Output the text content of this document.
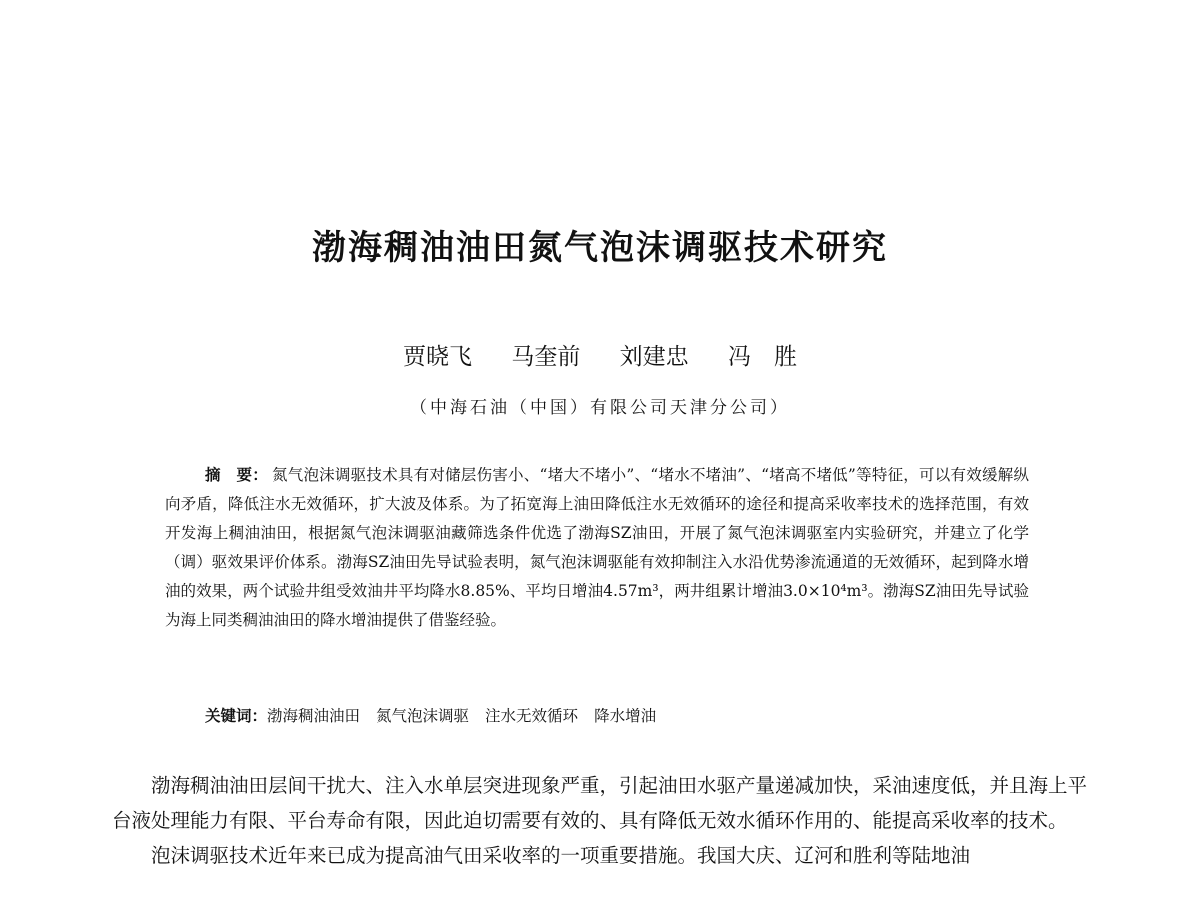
渤海稠油油田氮气泡沫调驱技术研究
贾晓飞 马奎前 刘建忠 冯　胜
（中海石油（中国）有限公司天津分公司）
摘　要： 氮气泡沫调驱技术具有对储层伤害小、“堵大不堵小”、“堵水不堵油”、“堵高不堵低”等特征，可以有效缓解纵向矛盾，降低注水无效循环，扩大波及体系。为了拓宽海上油田降低注水无效循环的途径和提高采收率技术的选择范围，有效开发海上稠油油田，根据氮气泡沫调驱油藏筛选条件优选了渤海SZ油田，开展了氮气泡沫调驱室内实验研究，并建立了化学（调）驱效果评价体系。渤海SZ油田先导试验表明，氮气泡沫调驱能有效抑制注入水沿优势渗流通道的无效循环，起到降水增油的效果，两个试验井组受效油井平均降水8.85%、平均日增油4.57m³，两井组累计增油3.0×10⁴m³。渤海SZ油田先导试验为海上同类稠油油田的降水增油提供了借鉴经验。
关键词：渤海稠油油田 氮气泡沫调驱 注水无效循环 降水增油

渤海稠油油田层间干扰大、注入水单层突进现象严重，引起油田水驱产量递减加快，采油速度低，并且海上平台液处理能力有限、平台寿命有限，因此迫切需要有效的、具有降低无效水循环作用的、能提高采收率的技术。

泡沫调驱技术近年来已成为提高油气田采收率的一项重要措施。我国大庆、辽河和胜利等陆地油
